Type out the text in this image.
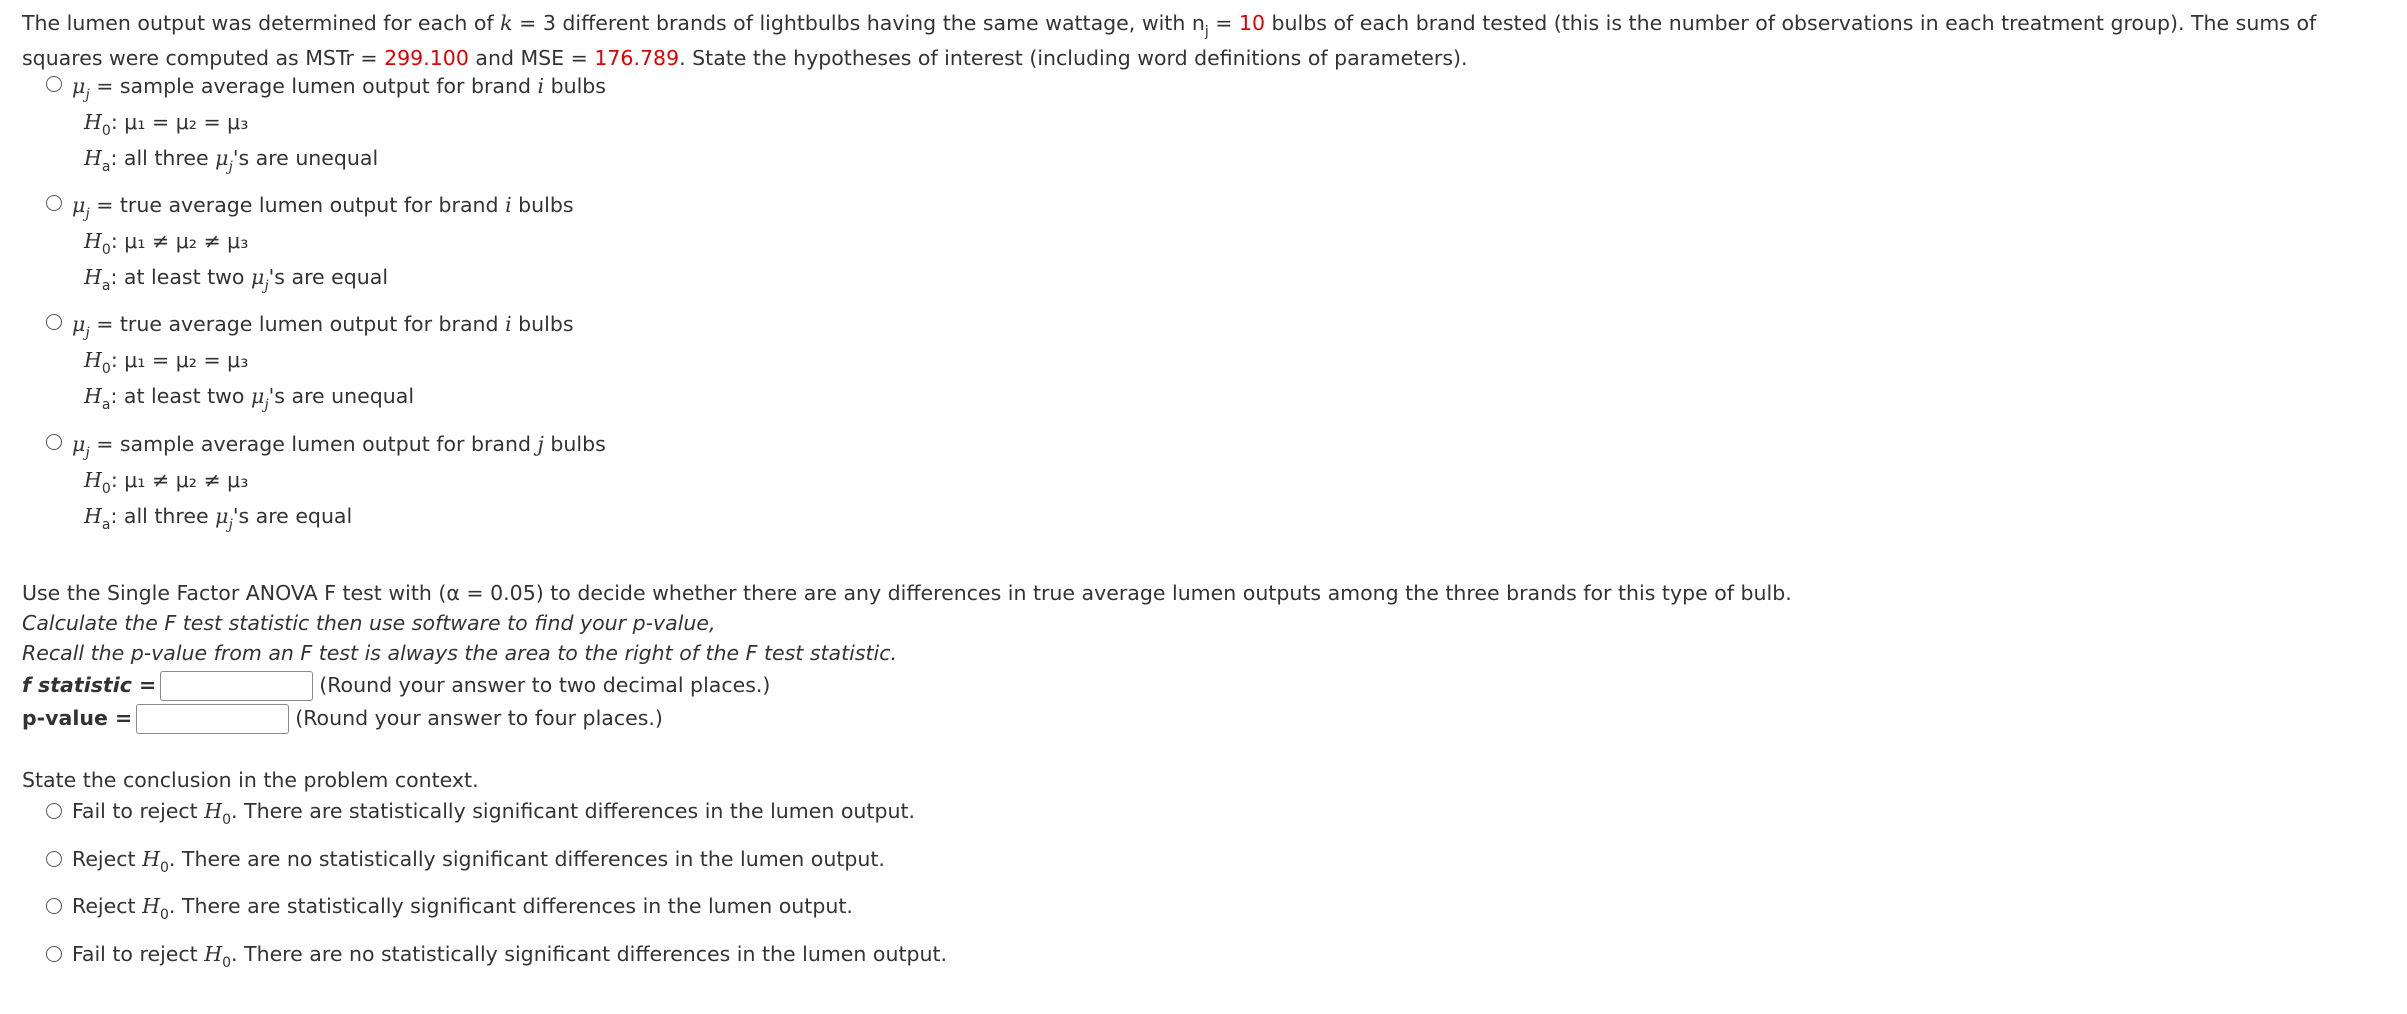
The lumen output was determined for each of k = 3 different brands of lightbulbs having the same wattage, with $n_j = 10$ bulbs of each brand tested (this is the number of observations in each treatment group). The sums of squares were computed as MSTr = 299.100 and MSE = 176.789. State the hypotheses of interest (including word definitions of parameters).

$\mu_j$ = sample average lumen output for brand i bulbs
$H_0$: μ₁ = μ₂ = μ₃
$H_a$: all three $\mu_j's$ are unequal
$\mu_j$ = true average lumen output for brand i bulbs
$H_0$: μ₁ ≠ μ₂ ≠ μ₃
$H_a$: at least two $\mu_j's$ are equal
$\mu_j$ = true average lumen output for brand i bulbs
$H_0$: μ₁ = μ₂ = μ₃
$H_a$: at least two $\mu_j's$ are unequal
$\mu_j$ = sample average lumen output for brand j bulbs
$H_0$: μ₁ ≠ μ₂ ≠ μ₃
$H_a$: all three $\mu_j's$ are equal
Use the Single Factor ANOVA F test with (α = 0.05) to decide whether there are any differences in true average lumen outputs among the three brands for this type of bulb.
Calculate the F test statistic then use software to find your p-value,
Recall the p-value from an F test is always the area to the right of the F test statistic.
f statistic =	(Round your answer to two decimal places.)
p-value =	(Round your answer to four places.)
State the conclusion in the problem context.
Fail to reject $H_0$. There are statistically significant differences in the lumen output.
Reject $H_0$. There are no statistically significant differences in the lumen output.
Reject $H_0$. There are statistically significant differences in the lumen output.
Fail to reject $H_0$. There are no statistically significant differences in the lumen output.
